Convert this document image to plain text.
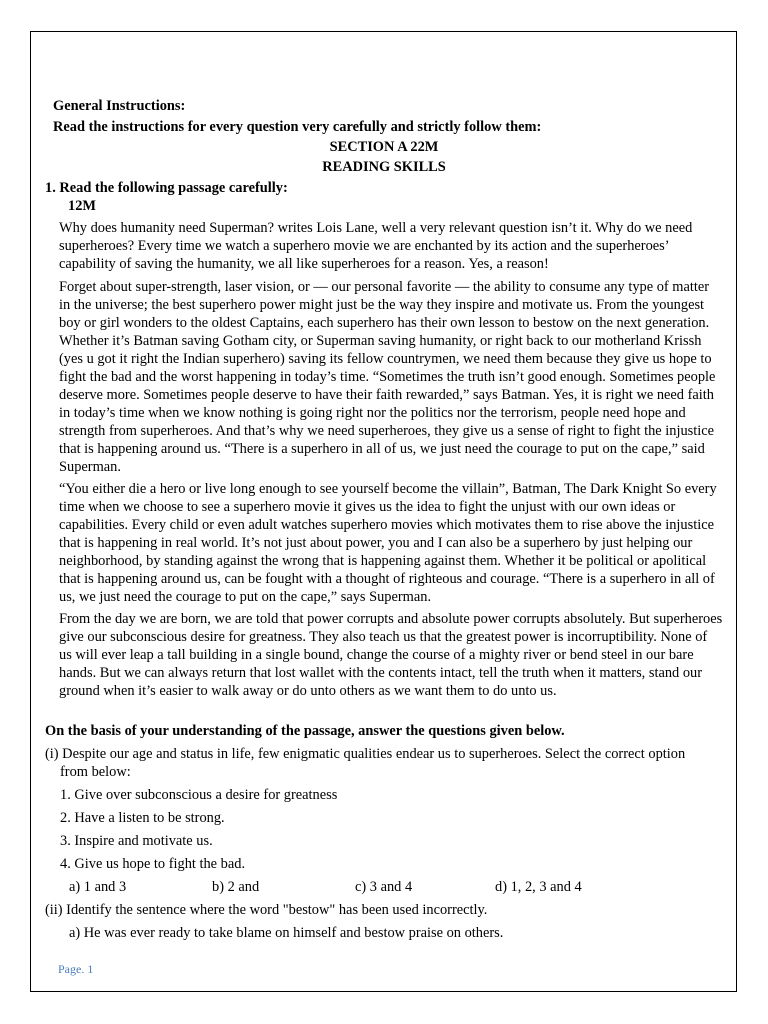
General Instructions:
Read the instructions for every question very carefully and strictly follow them:
SECTION A 22M
READING SKILLS
1. Read the following passage carefully:
12M
Why does humanity need Superman? writes Lois Lane, well a very relevant question isn’t it. Why do we need superheroes? Every time we watch a superhero movie we are enchanted by its action and the superheroes’ capability of saving the humanity, we all like superheroes for a reason. Yes, a reason!
Forget about super-strength, laser vision, or — our personal favorite — the ability to consume any type of matter in the universe; the best superhero power might just be the way they inspire and motivate us. From the youngest boy or girl wonders to the oldest Captains, each superhero has their own lesson to bestow on the next generation. Whether it’s Batman saving Gotham city, or Superman saving humanity, or right back to our motherland Krissh (yes u got it right the Indian superhero) saving its fellow countrymen, we need them because they give us hope to fight the bad and the worst happening in today’s time. “Sometimes the truth isn’t good enough. Sometimes people deserve more. Sometimes people deserve to have their faith rewarded,” says Batman. Yes, it is right we need faith in today’s time when we know nothing is going right nor the politics nor the terrorism, people need hope and strength from superheroes. And that’s why we need superheroes, they give us a sense of right to fight the injustice that is happening around us. “There is a superhero in all of us, we just need the courage to put on the cape,” said Superman.
“You either die a hero or live long enough to see yourself become the villain”, Batman, The Dark Knight So every time when we choose to see a superhero movie it gives us the idea to fight the unjust with our own ideas or capabilities. Every child or even adult watches superhero movies which motivates them to rise above the injustice that is happening in real world. It’s not just about power, you and I can also be a superhero by just helping our neighborhood, by standing against the wrong that is happening against them. Whether it be political or apolitical that is happening around us, can be fought with a thought of righteous and courage. “There is a superhero in all of us, we just need the courage to put on the cape,” says Superman.
From the day we are born, we are told that power corrupts and absolute power corrupts absolutely. But superheroes give our subconscious desire for greatness. They also teach us that the greatest power is incorruptibility. None of us will ever leap a tall building in a single bound, change the course of a mighty river or bend steel in our bare hands. But we can always return that lost wallet with the contents intact, tell the truth when it matters, stand our ground when it’s easier to walk away or do unto others as we want them to do unto us.
On the basis of your understanding of the passage, answer the questions given below.
(i) Despite our age and status in life, few enigmatic qualities endear us to superheroes. Select the correct option
from below:
1. Give over subconscious a desire for greatness
2. Have a listen to be strong.
3. Inspire and motivate us.
4. Give us hope to fight the bad.
a) 1 and 3	b) 2 and	c) 3 and 4	d) 1, 2, 3 and 4
(ii) Identify the sentence where the word "bestow" has been used incorrectly.
a) He was ever ready to take blame on himself and bestow praise on others.
Page. 1
